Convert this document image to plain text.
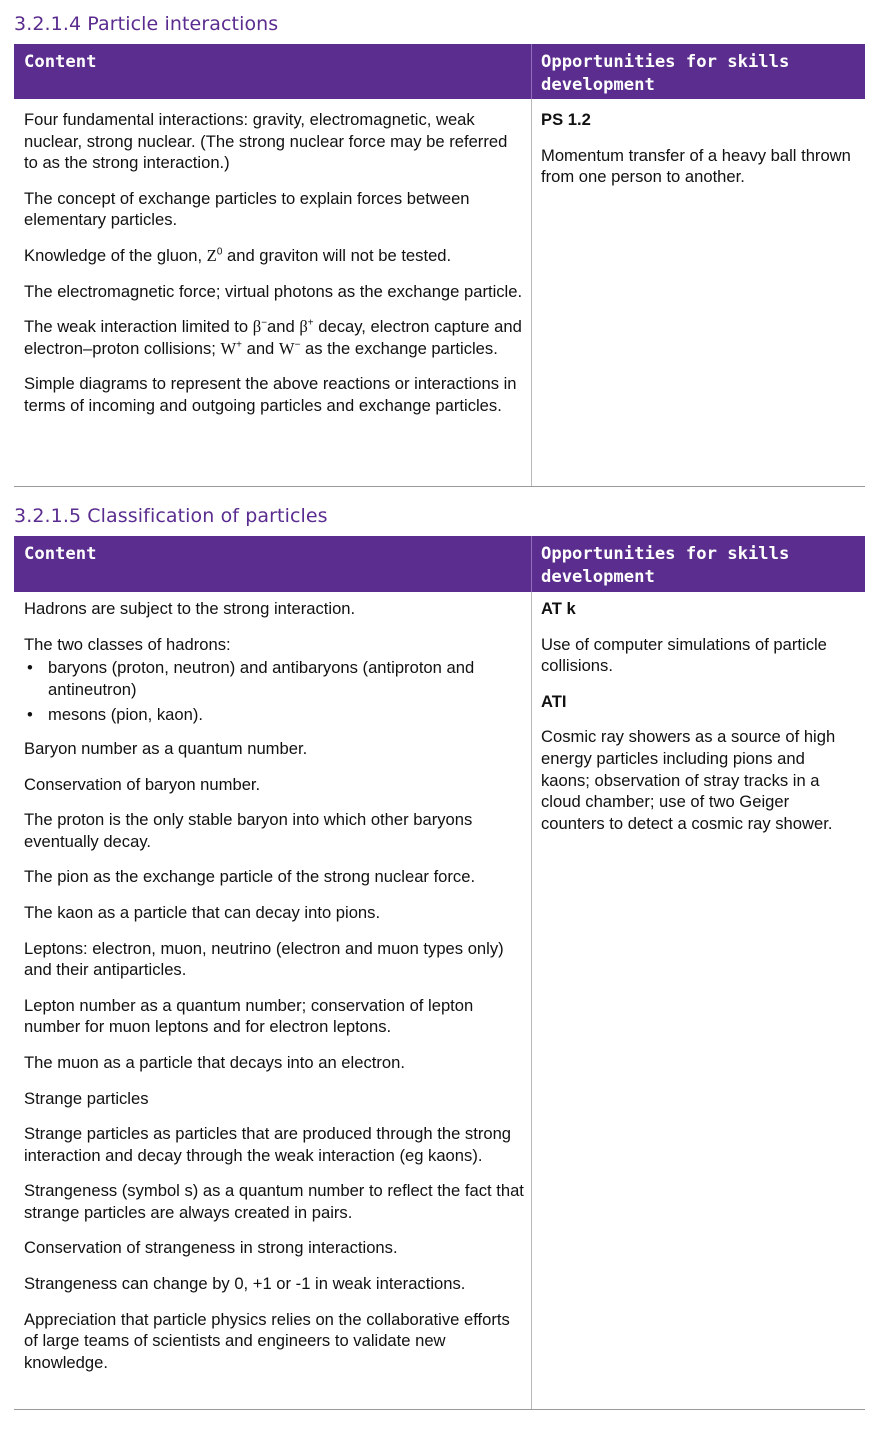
3.2.1.4 Particle interactions
Content	Opportunities for skills development

Four fundamental interactions: gravity, electromagnetic, weak nuclear, strong nuclear. (The strong nuclear force may be referred to as the strong interaction.)

The concept of exchange particles to explain forces between elementary particles.

Knowledge of the gluon, $Z^0$ and graviton will not be tested.

The electromagnetic force; virtual photons as the exchange particle.

The weak interaction limited to β−and β+ decay, electron capture and electron–proton collisions; W+ and W− as the exchange particles.

Simple diagrams to represent the above reactions or interactions in terms of incoming and outgoing particles and exchange particles.

PS 1.2

Momentum transfer of a heavy ball thrown from one person to another.

3.2.1.5 Classification of particles
Content	Opportunities for skills development

Hadrons are subject to the strong interaction.

The two classes of hadrons:

• baryons (proton, neutron) and antibaryons (antiproton and antineutron)
• mesons (pion, kaon).

Baryon number as a quantum number.

Conservation of baryon number.

The proton is the only stable baryon into which other baryons eventually decay.

The pion as the exchange particle of the strong nuclear force.

The kaon as a particle that can decay into pions.

Leptons: electron, muon, neutrino (electron and muon types only) and their antiparticles.

Lepton number as a quantum number; conservation of lepton number for muon leptons and for electron leptons.

The muon as a particle that decays into an electron.

Strange particles

Strange particles as particles that are produced through the strong interaction and decay through the weak interaction (eg kaons).

Strangeness (symbol s) as a quantum number to reflect the fact that strange particles are always created in pairs.

Conservation of strangeness in strong interactions.

Strangeness can change by 0, +1 or -1 in weak interactions.

Appreciation that particle physics relies on the collaborative efforts of large teams of scientists and engineers to validate new knowledge.

AT k

Use of computer simulations of particle collisions.

ATI

Cosmic ray showers as a source of high energy particles including pions and kaons; observation of stray tracks in a cloud chamber; use of two Geiger counters to detect a cosmic ray shower.
